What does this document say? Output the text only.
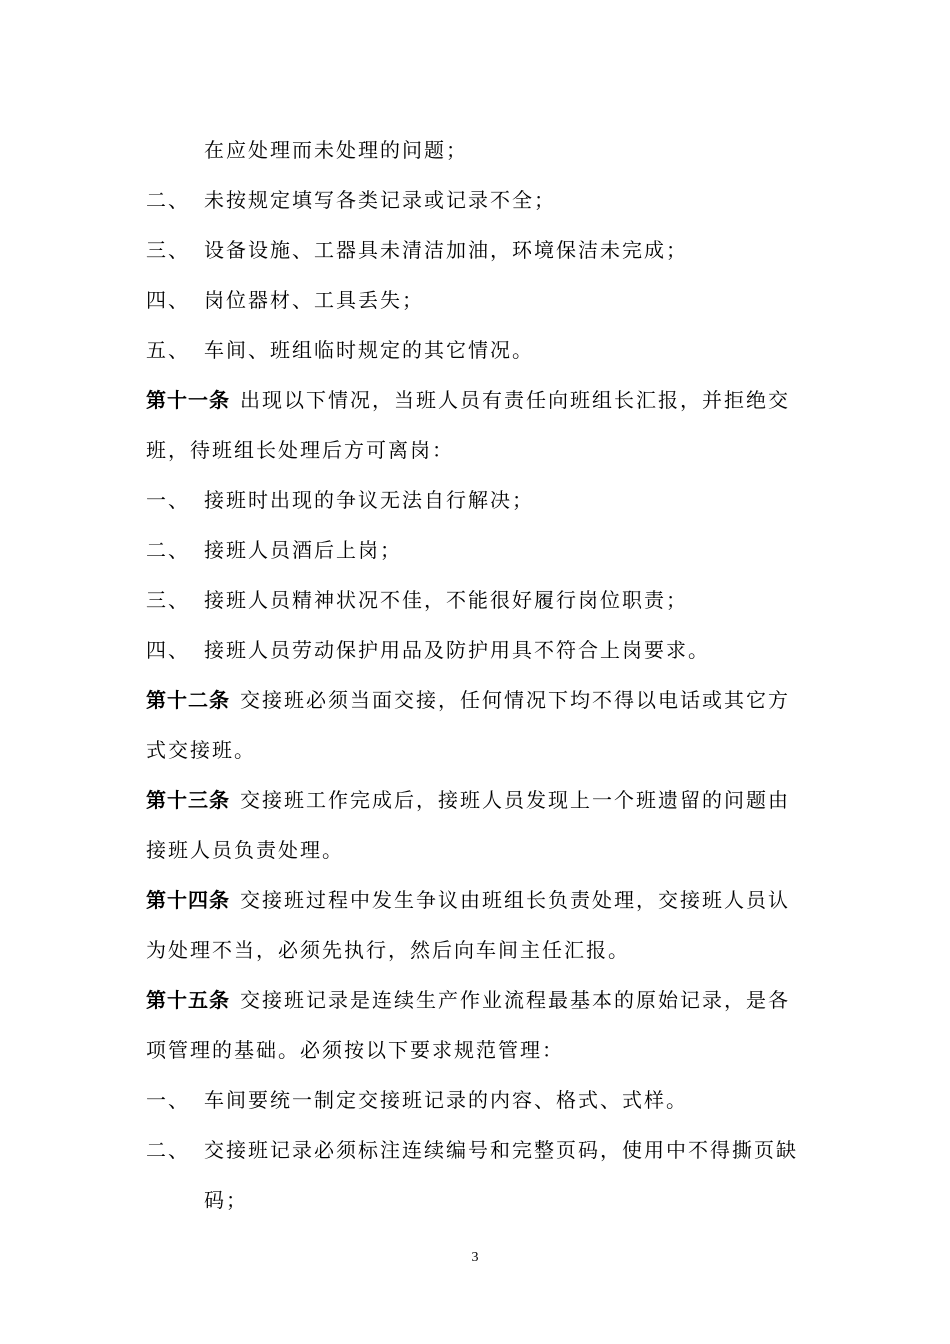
在应处理而未处理的问题；
二、 未按规定填写各类记录或记录不全；
三、 设备设施、工器具未清洁加油，环境保洁未完成；
四、 岗位器材、工具丢失；
五、 车间、班组临时规定的其它情况。
第十一条 出现以下情况，当班人员有责任向班组长汇报，并拒绝交
班，待班组长处理后方可离岗：
一、 接班时出现的争议无法自行解决；
二、 接班人员酒后上岗；
三、 接班人员精神状况不佳，不能很好履行岗位职责；
四、 接班人员劳动保护用品及防护用具不符合上岗要求。
第十二条 交接班必须当面交接，任何情况下均不得以电话或其它方
式交接班。
第十三条 交接班工作完成后，接班人员发现上一个班遗留的问题由
接班人员负责处理。
第十四条 交接班过程中发生争议由班组长负责处理，交接班人员认
为处理不当，必须先执行，然后向车间主任汇报。
第十五条 交接班记录是连续生产作业流程最基本的原始记录，是各
项管理的基础。必须按以下要求规范管理：
一、 车间要统一制定交接班记录的内容、格式、式样。
二、 交接班记录必须标注连续编号和完整页码，使用中不得撕页缺
码；
3
